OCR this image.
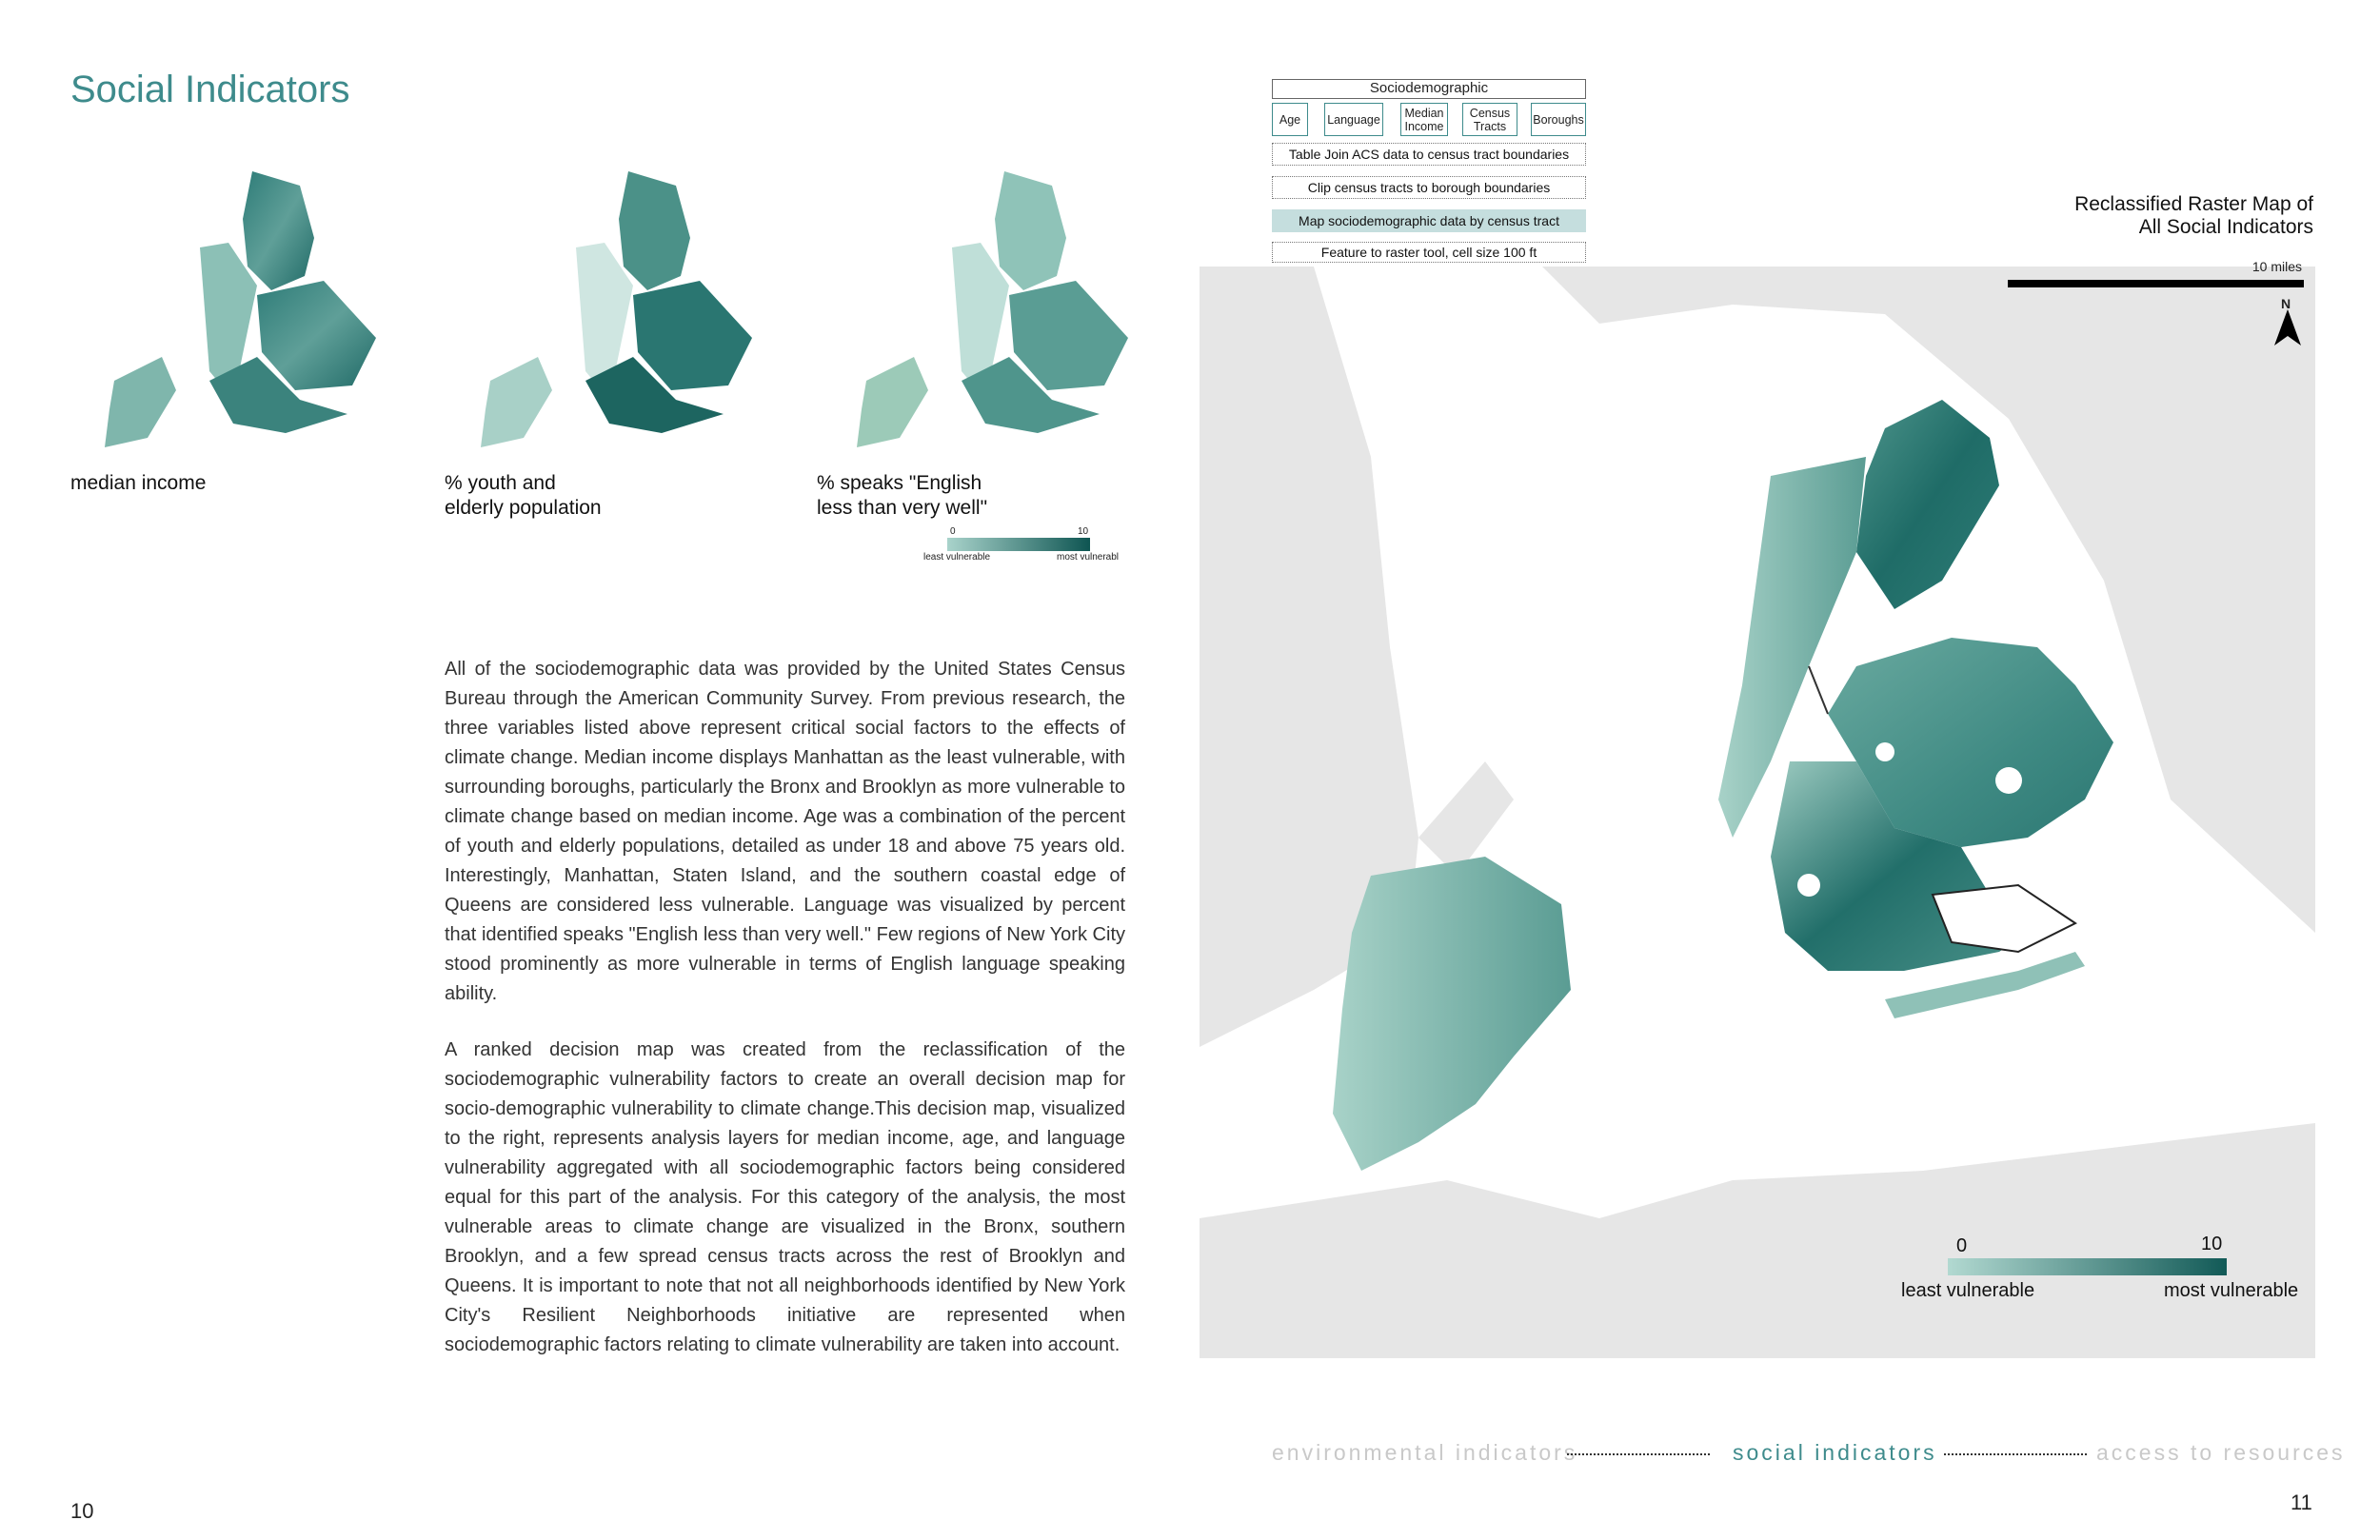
Social Indicators
median income	% youth and
elderly population
% speaks "English
less than very well"
0	10
least vulnerable	most vulnerabl
All of the sociodemographic data was provided by the United States Census Bureau through the American Community Survey. From previous research, the three variables listed above represent critical social factors to the effects of climate change. Median income displays Manhattan as the least vulnerable, with surrounding boroughs, particularly the Bronx and Brooklyn as more vulnerable to climate change based on median income. Age was a combination of the percent of youth and elderly populations, detailed as under 18 and above 75 years old. Interestingly, Manhattan, Staten Island, and the southern coastal edge of Queens are considered less vulnerable. Language was visualized by percent that identified speaks "English less than very well." Few regions of New York City stood prominently as more vulnerable in terms of English language speaking ability.
A ranked decision map was created from the reclassification of the sociodemographic vulnerability factors to create an overall decision map for socio-demographic vulnerability to climate change.This decision map, visualized to the right, represents analysis layers for median income, age, and language vulnerability aggregated with all sociodemographic factors being considered equal for this part of the analysis. For this category of the analysis, the most vulnerable areas to climate change are visualized in the Bronx, southern Brooklyn, and a few spread census tracts across the rest of Brooklyn and Queens. It is important to note that not all neighborhoods identified by New York City's Resilient Neighborhoods initiative are represented when sociodemographic factors relating to climate vulnerability are taken into account.
Sociodemographic
Age	Language	Median
Income
Census
Tracts	Boroughs
Table Join ACS data to census tract boundaries
Clip census tracts to borough boundaries
Map sociodemographic data by census tract
Feature to raster tool, cell size 100 ft
Reclassified Raster Map of
All Social Indicators
10 miles
N
0	10
least vulnerable	most vulnerable
environmental indicators	social indicators	access to resources
10	11
